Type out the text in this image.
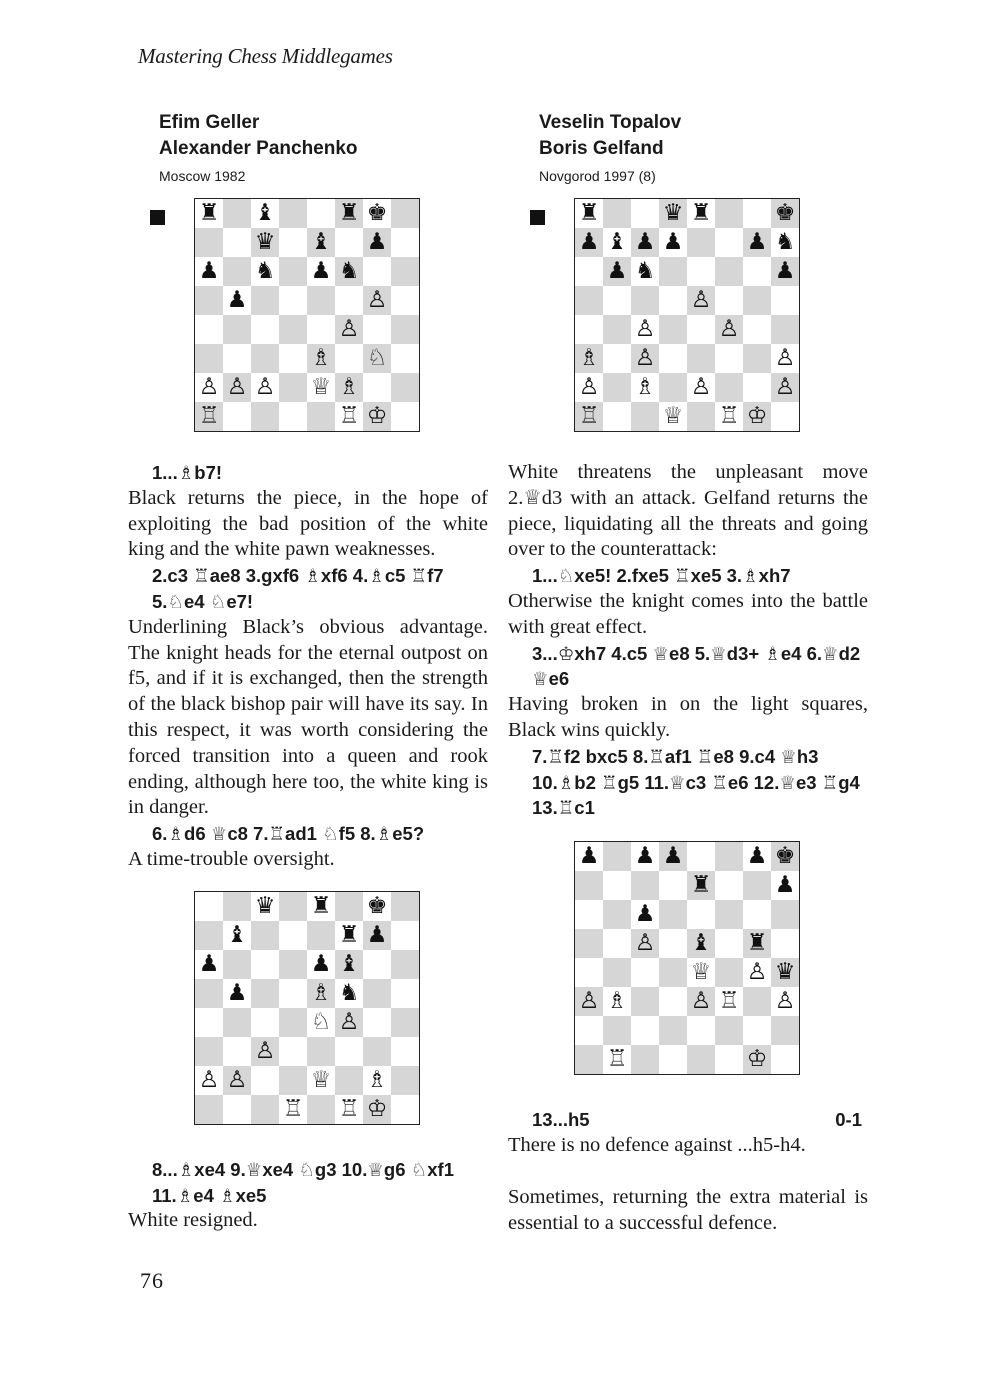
Mastering Chess Middlegames
Efim Geller
Alexander Panchenko
Moscow 1982
♜ ♝	♜ ♚
♛ ♝ ♟
♟ ♞ ♟ ♞
♟	♙
♙
♗ ♘
♙ ♙ ♙ ♕ ♗
♖	♖ ♔
1...♗b7!
Black returns the piece, in the hope of exploiting the bad position of the white king and the white pawn weaknesses.
2.c3 ♖ae8 3.gxf6 ♗xf6 4.♗c5 ♖f7 5.♘e4 ♘e7!
Underlining Black’s obvious advantage. The knight heads for the eternal outpost on f5, and if it is exchanged, then the strength of the black bishop pair will have its say. In this respect, it was worth considering the forced transition into a queen and rook ending, although here too, the white king is in danger.
6.♗d6 ♕c8 7.♖ad1 ♘f5 8.♗e5?
A time-trouble oversight.
♛ ♜ ♚
♝	♜ ♟
♟	♟ ♝
♟	♗ ♞
♘ ♙
♙
♙ ♙	♕ ♗
♖ ♖ ♔
8...♗xe4 9.♕xe4 ♘g3 10.♕g6 ♘xf1 11.♗e4 ♗xe5
White resigned.
Veselin Topalov
Boris Gelfand
Novgorod 1997 (8)
♜	♛ ♜	♚
♟ ♝ ♟ ♟	♟ ♞
♟ ♞	♟
♙
♙	♙
♗ ♙	♙
♙ ♗ ♙	♙
♖	♕ ♖ ♔
White threatens the unpleasant move 2.♕d3 with an attack. Gelfand returns the piece, liquidating all the threats and going over to the counterattack:
1...♘xe5! 2.fxe5 ♖xe5 3.♗xh7
Otherwise the knight comes into the battle with great effect.
3...♔xh7 4.c5 ♕e8 5.♕d3+ ♗e4 6.♕d2 ♕e6
Having broken in on the light squares, Black wins quickly.
7.♖f2 bxc5 8.♖af1 ♖e8 9.c4 ♕h3 10.♗b2 ♖g5 11.♕c3 ♖e6 12.♕e3 ♖g4 13.♖c1
♟ ♟ ♟	♟ ♚
♜	♟
♟
♙ ♝ ♜
♕ ♙ ♛
♙ ♗	♙ ♖ ♙
♖	♔
13...h5	0-1
There is no defence against ...h5-h4.
Sometimes, returning the extra material is essential to a successful defence.
76
